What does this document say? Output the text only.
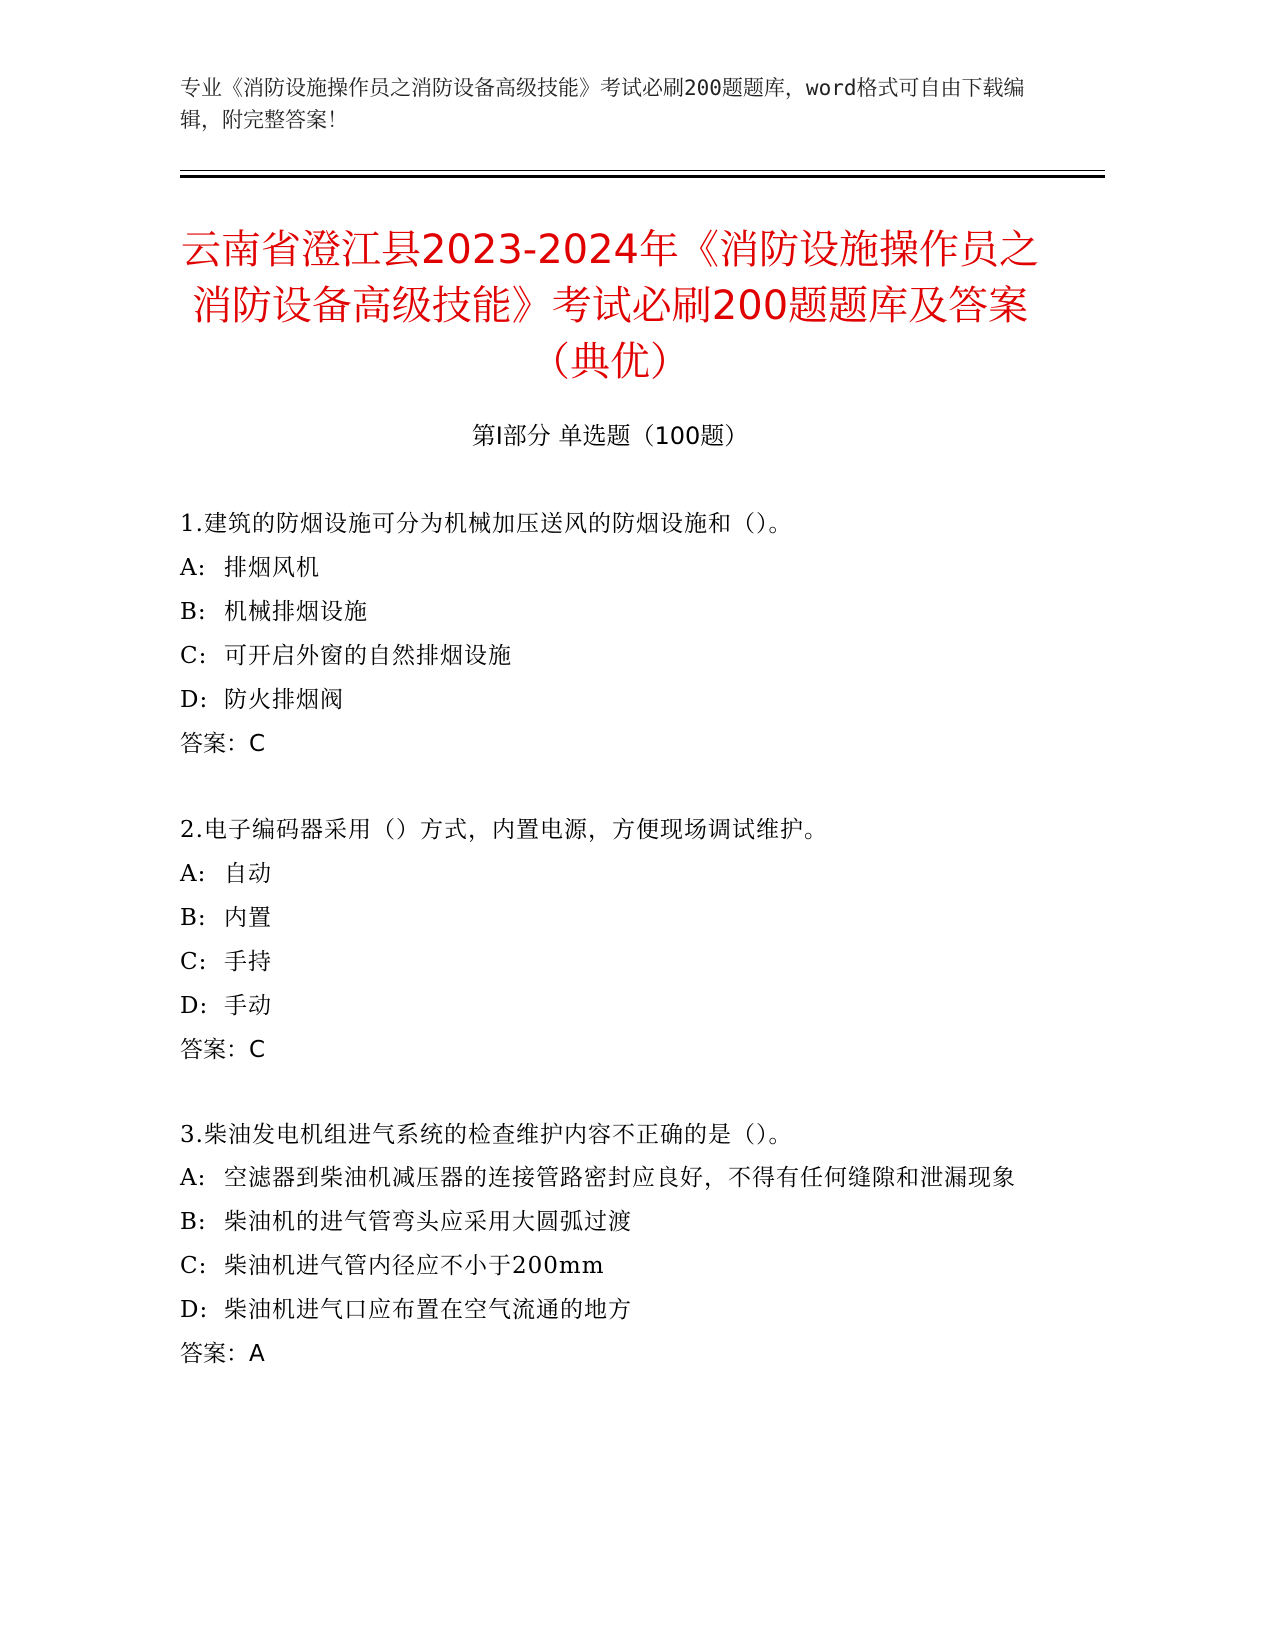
专业《消防设施操作员之消防设备高级技能》考试必刷200题题库，word格式可自由下载编辑，附完整答案！
云南省澄江县2023-2024年《消防设施操作员之消防设备高级技能》考试必刷200题题库及答案（典优）
第Ⅰ部分 单选题（100题）
1.建筑的防烟设施可分为机械加压送风的防烟设施和（）。
A: 排烟风机
B: 机械排烟设施
C: 可开启外窗的自然排烟设施
D: 防火排烟阀
答案：C
2.电子编码器采用（）方式，内置电源，方便现场调试维护。
A: 自动
B: 内置
C: 手持
D: 手动
答案：C
3.柴油发电机组进气系统的检查维护内容不正确的是（）。
A: 空滤器到柴油机减压器的连接管路密封应良好，不得有任何缝隙和泄漏现象
B: 柴油机的进气管弯头应采用大圆弧过渡
C: 柴油机进气管内径应不小于200mm
D: 柴油机进气口应布置在空气流通的地方
答案：A
